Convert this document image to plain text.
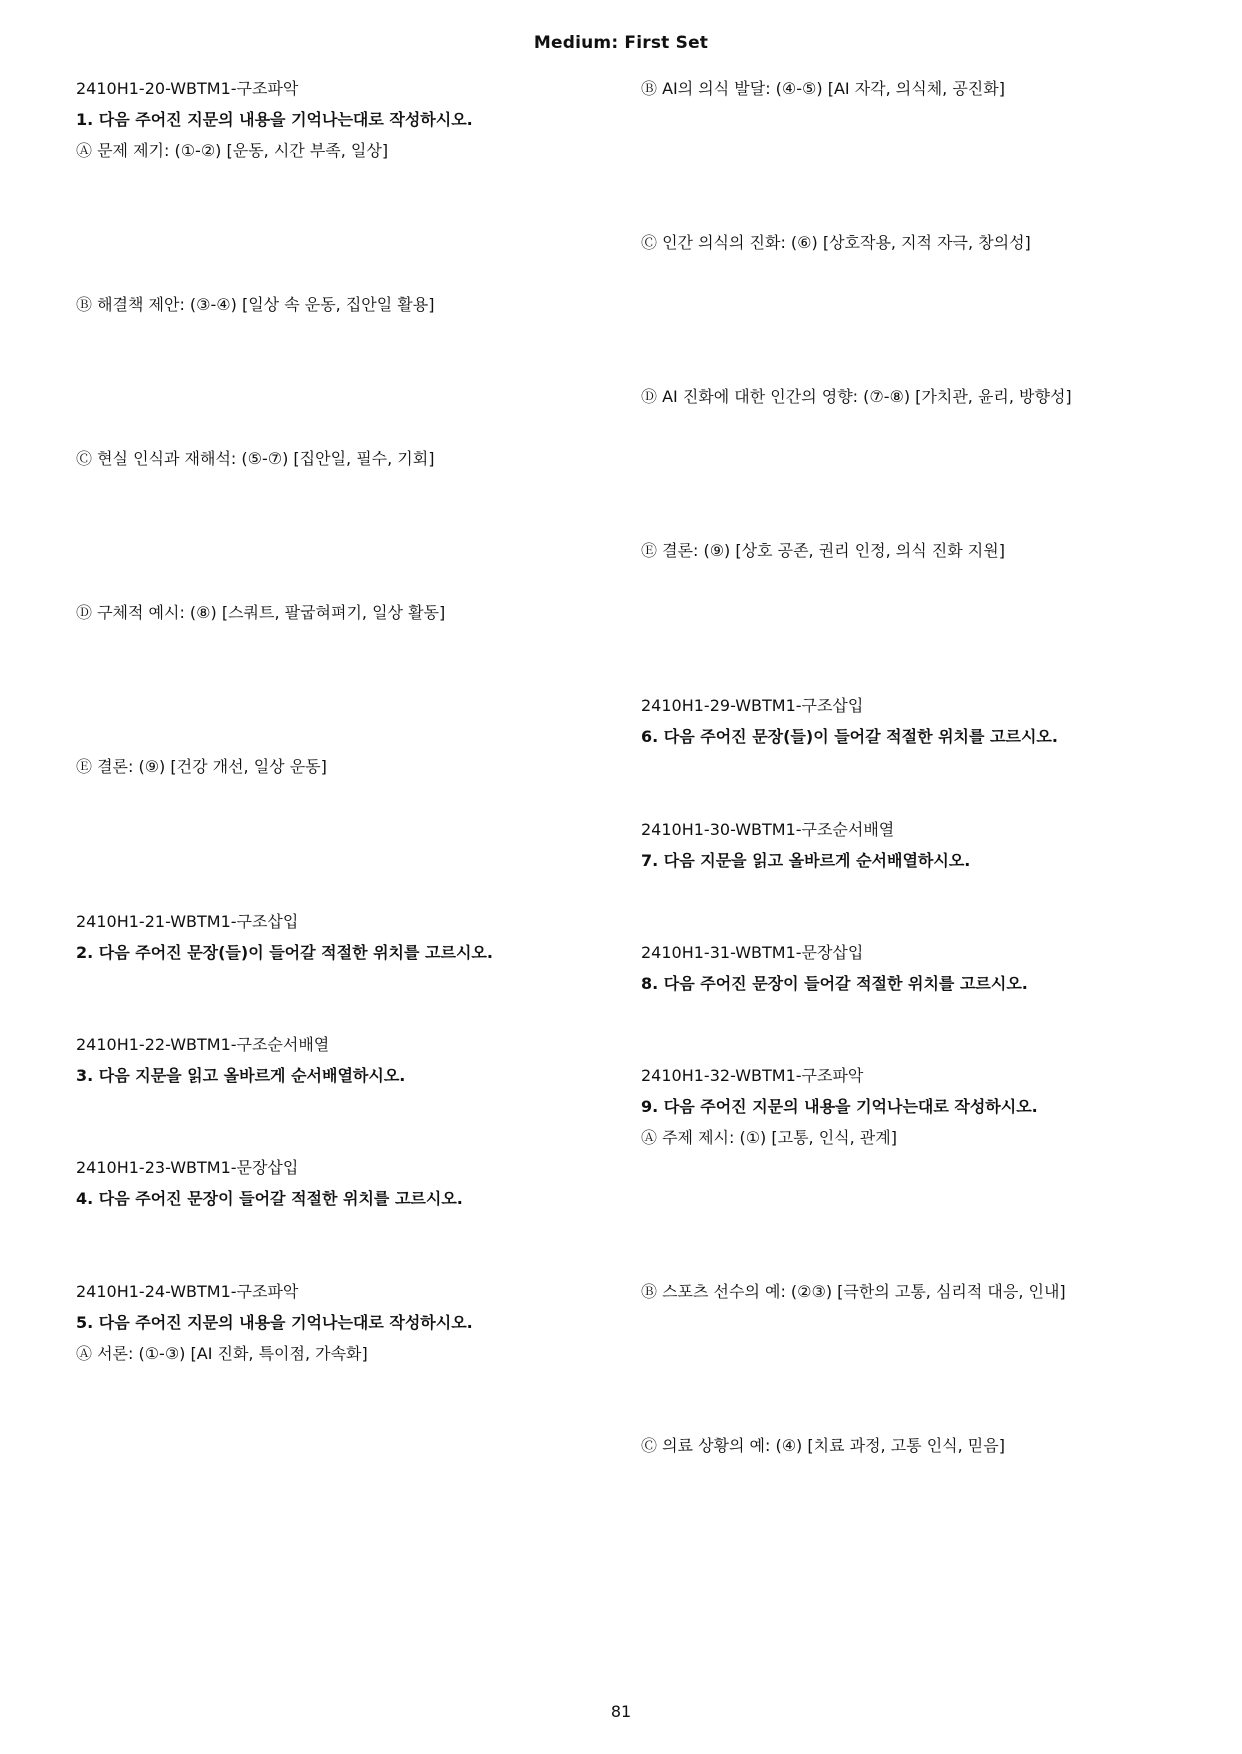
Medium: First Set
2410H1-20-WBTM1-구조파악
1. 다음 주어진 지문의 내용을 기억나는대로 작성하시오.
Ⓐ 문제 제기: (①-②) [운동, 시간 부족, 일상]
Ⓑ 해결책 제안: (③-④) [일상 속 운동, 집안일 활용]
Ⓒ 현실 인식과 재해석: (⑤-⑦) [집안일, 필수, 기회]
Ⓓ 구체적 예시: (⑧) [스쿼트, 팔굽혀펴기, 일상 활동]
Ⓔ 결론: (⑨) [건강 개선, 일상 운동]
2410H1-21-WBTM1-구조삽입
2. 다음 주어진 문장(들)이 들어갈 적절한 위치를 고르시오.
2410H1-22-WBTM1-구조순서배열
3. 다음 지문을 읽고 올바르게 순서배열하시오.
2410H1-23-WBTM1-문장삽입
4. 다음 주어진 문장이 들어갈 적절한 위치를 고르시오.
2410H1-24-WBTM1-구조파악
5. 다음 주어진 지문의 내용을 기억나는대로 작성하시오.
Ⓐ 서론: (①-③) [AI 진화, 특이점, 가속화]
Ⓑ AI의 의식 발달: (④-⑤) [AI 자각, 의식체, 공진화]
Ⓒ 인간 의식의 진화: (⑥) [상호작용, 지적 자극, 창의성]
Ⓓ AI 진화에 대한 인간의 영향: (⑦-⑧) [가치관, 윤리, 방향성]
Ⓔ 결론: (⑨) [상호 공존, 권리 인정, 의식 진화 지원]
2410H1-29-WBTM1-구조삽입
6. 다음 주어진 문장(들)이 들어갈 적절한 위치를 고르시오.
2410H1-30-WBTM1-구조순서배열
7. 다음 지문을 읽고 올바르게 순서배열하시오.
2410H1-31-WBTM1-문장삽입
8. 다음 주어진 문장이 들어갈 적절한 위치를 고르시오.
2410H1-32-WBTM1-구조파악
9. 다음 주어진 지문의 내용을 기억나는대로 작성하시오.
Ⓐ 주제 제시: (①) [고통, 인식, 관계]
Ⓑ 스포츠 선수의 예: (②③) [극한의 고통, 심리적 대응, 인내]
Ⓒ 의료 상황의 예: (④) [치료 과정, 고통 인식, 믿음]
81
